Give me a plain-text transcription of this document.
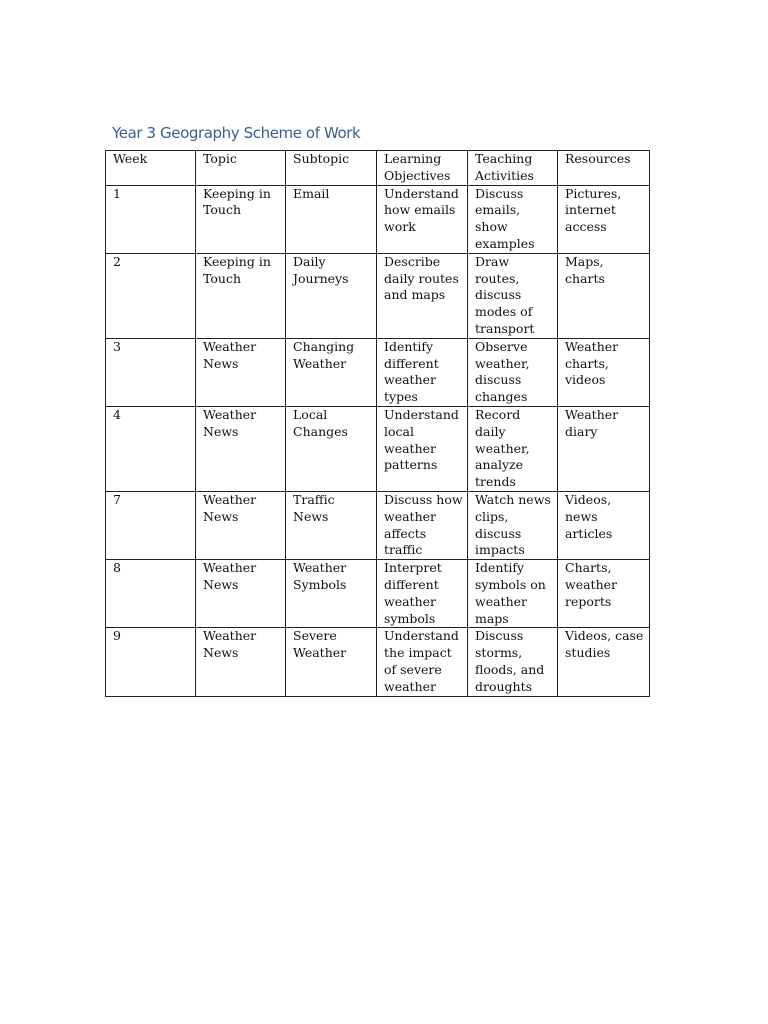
Year 3 Geography Scheme of Work
Week	Topic	Subtopic	Learning Objectives	Teaching Activities	Resources
1	Keeping in Touch	Email	Understand how emails work	Discuss emails, show examples	Pictures, internet access
2	Keeping in Touch	Daily Journeys	Describe daily routes and maps	Draw routes, discuss modes of transport	Maps, charts
3	Weather News	Changing Weather	Identify different weather types	Observe weather, discuss changes	Weather charts, videos
4	Weather News	Local Changes	Understand local weather patterns	Record daily weather, analyze trends	Weather diary
7	Weather News	Traffic News	Discuss how weather affects traffic	Watch news clips, discuss impacts	Videos, news articles
8	Weather News	Weather Symbols	Interpret different weather symbols	Identify symbols on weather maps	Charts, weather reports
9	Weather News	Severe Weather	Understand the impact of severe weather	Discuss storms, floods, and droughts	Videos, case studies
